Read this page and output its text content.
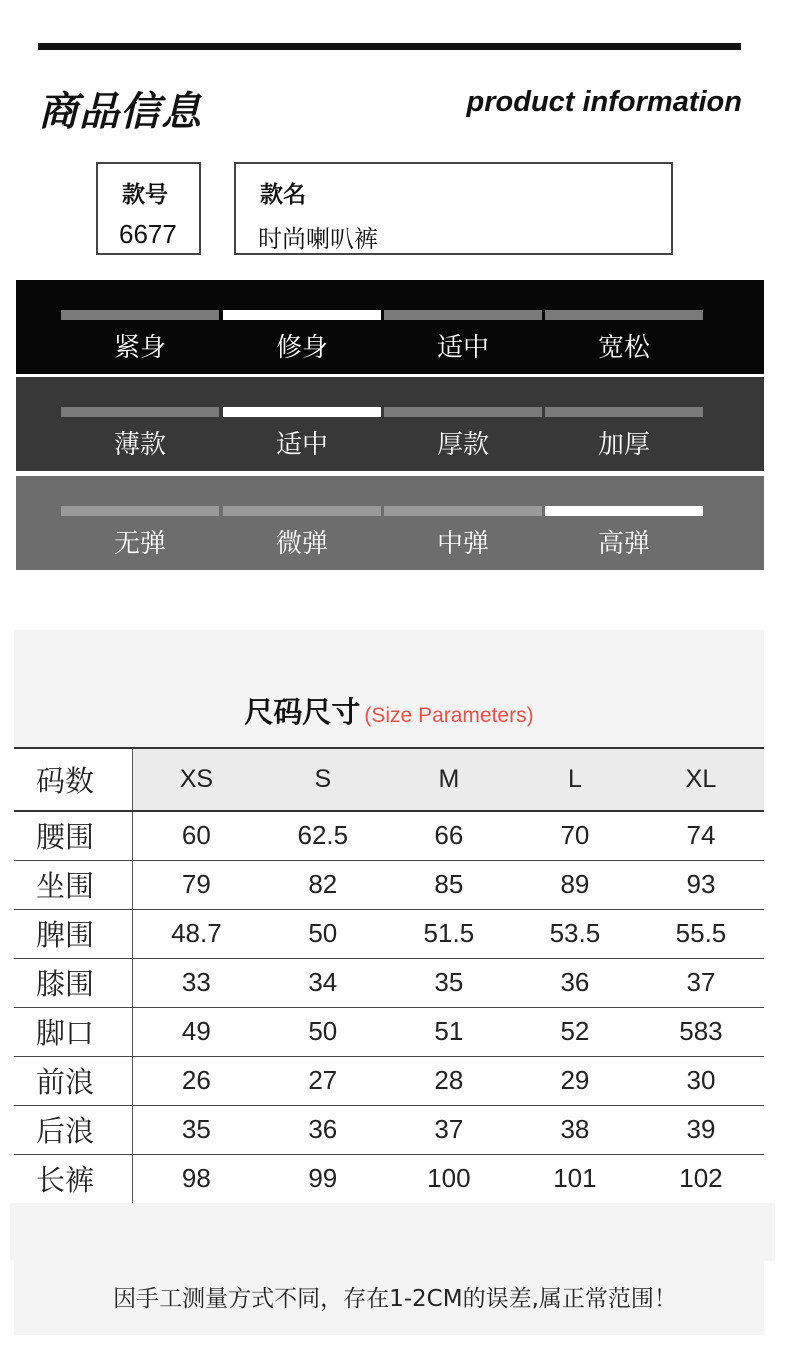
商品信息	product information
款号
6677
款名
时尚喇叭裤
紧身	修身	适中	宽松
薄款	适中	厚款	加厚
无弹	微弹	中弹	高弹
尺码尺寸 (Size Parameters)
码数	XS	S	M	L	XL
腰围	60	62.5	66	70	74
坐围	79	82	85	89	93
脾围	48.7	50	51.5	53.5	55.5
膝围	33	34	35	36	37
脚口	49	50	51	52	583
前浪	26	27	28	29	30
后浪	35	36	37	38	39
长裤	98	99	100	101	102
因手工测量方式不同，存在1-2CM的误差,属正常范围！
